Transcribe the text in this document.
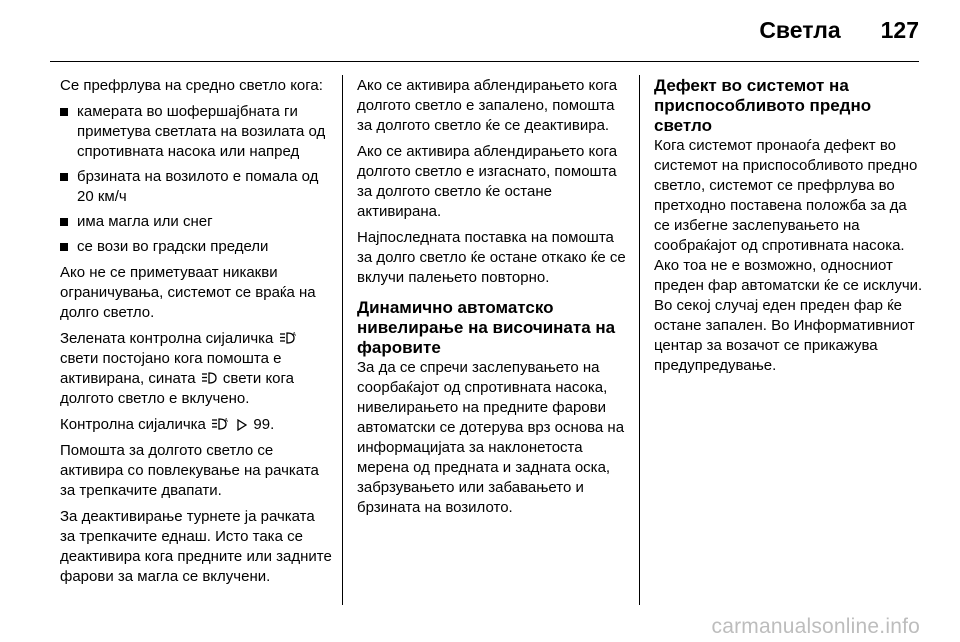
Светла 127

Се префрлува на средно светло кога:

камерата во шофершајбната ги приметува светлата на возилата од спротивната насока или напред
брзината на возилото е помала од 20 км/ч
има магла или снег
се вози во градски предели

Ако не се приметуваат никакви ограничувања, системот се враќа на долго светло.

Зелената контролна сијаличка	A
свети постојано кога помошта е активирана, сината свети кога долгото светло е вклучено.

Контролна сијаличка	A 99.

Помошта за долгото светло се активира со повлекување на рачката за трепкачите двапати.

За деактивирање турнете ја рачката за трепкачите еднаш. Исто така се деактивира кога предните или задните фарови за магла се вклучени.

Ако се активира аблендирањето кога долгото светло е запалено, помошта за долгото светло ќе се деактивира.

Ако се активира аблендирањето кога долгото светло е изгаснато, помошта за долгото светло ќе остане активирана.

Најпоследната поставка на помошта за долго светло ќе остане откако ќе се вклучи палењето повторно.

Динамично автоматско нивелирање на височината на фаровите

За да се спречи заслепувањето на соорбаќајот од спротивната насока, нивелирањето на предните фарови автоматски се дотерува врз основа на информацијата за наклонетоста мерена од предната и задната оска, забрзувањето или забавањето и брзината на возилото.

Дефект во системот на приспособливото предно светло

Кога системот пронаоѓа дефект во системот на приспособливото предно светло, системот се префрлува во претходно поставена положба за да се избегне заслепувањето на сообраќајот од спротивната насока. Ако тоа не е возможно, односниот преден фар автоматски ќе се исклучи. Во секој случај еден преден фар ќе остане запален. Во Информативниот центар за возачот се прикажува предупредување.

carmanualsonline.info
